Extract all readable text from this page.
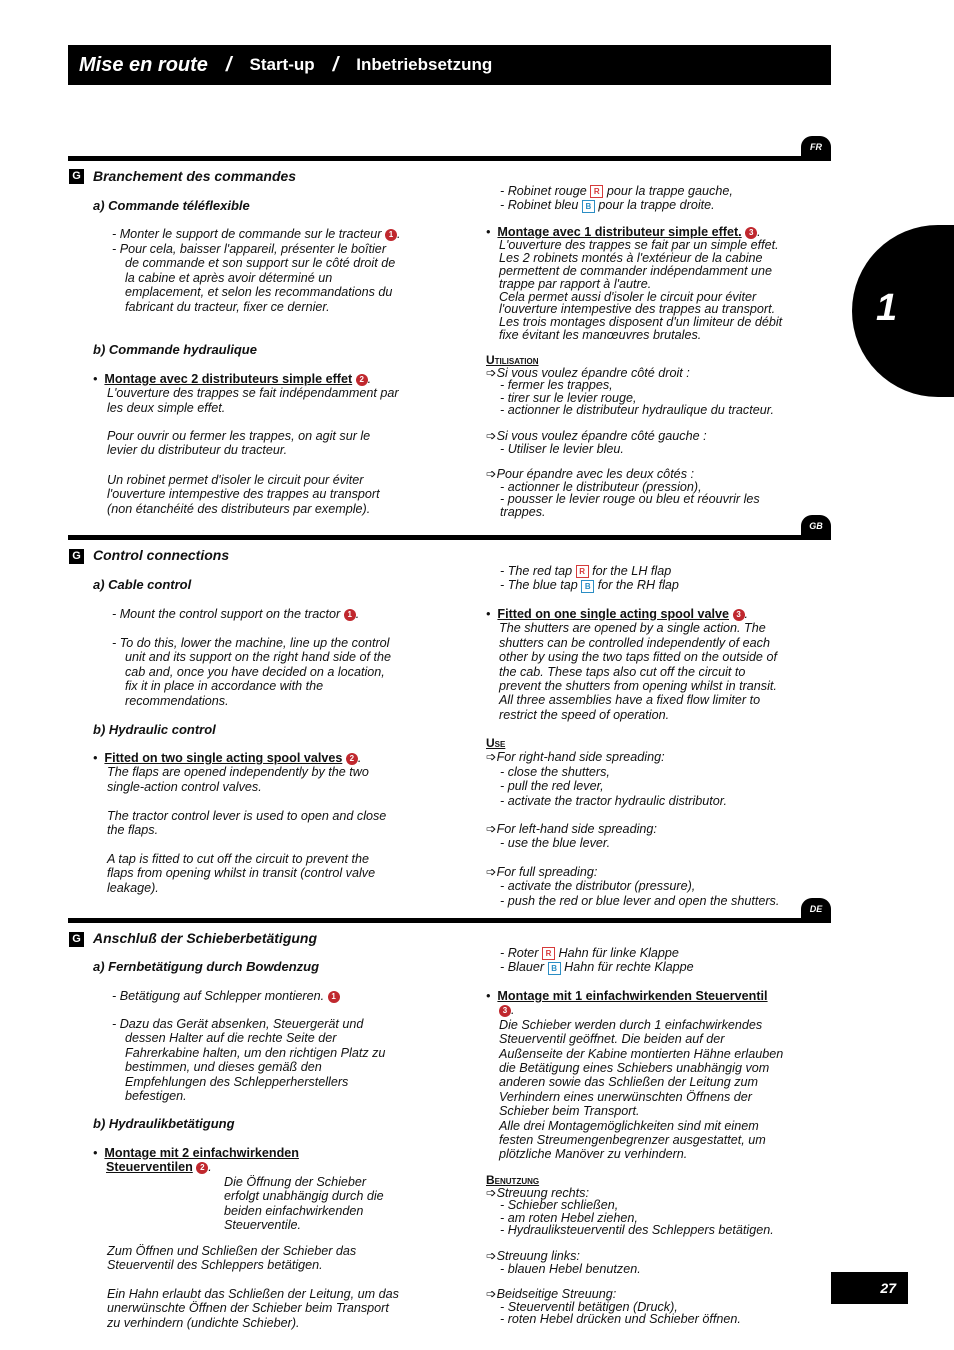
Mise en route / Start-up / Inbetriebsetzung
1
FR
G Branchement des commandes
a) Commande téléflexible
- Monter le support de commande sur le tracteur 1 .
- Pour cela, baisser l'appareil, présenter le boîtier
de commande et son support sur le côté droit de
la cabine et après avoir déterminé un
emplacement, et selon les recommandations du
fabricant du tracteur, fixer ce dernier.
b) Commande hydraulique
•  Montage avec 2 distributeurs simple effet 2 .
L'ouverture des trappes se fait indépendamment par
les deux simple effet.
Pour ouvrir ou fermer les trappes, on agit sur le
levier du distributeur du tracteur.
Un robinet permet d'isoler le circuit pour éviter
l'ouverture intempestive des trappes au transport
(non étanchéité des distributeurs par exemple).
- Robinet rouge R pour la trappe gauche,
- Robinet bleu B pour la trappe droite.
•  Montage avec 1 distributeur simple effet. 3 .
L'ouverture des trappes se fait par un simple effet.
Les 2 robinets montés à l'extérieur de la cabine
permettent de commander indépendamment une
trappe par rapport à l'autre.
Cela permet aussi d'isoler le circuit pour éviter
l'ouverture intempestive des trappes au transport.
Les trois montages disposent d'un limiteur de débit
fixe évitant les manœuvres brutales.
Utilisation
➩Si vous voulez épandre côté droit :
- fermer les trappes,
- tirer sur le levier rouge,
- actionner le distributeur hydraulique du tracteur.
➩Si vous voulez épandre côté gauche :
- Utiliser le levier bleu.
➩Pour épandre avec les deux côtés :
- actionner le distributeur (pression),
- pousser le levier rouge ou bleu et réouvrir les
trappes.
GB
G Control connections
a) Cable control
- Mount the control support on the tractor 1 .
- To do this, lower the machine, line up the control
unit and its support on the right hand side of the
cab and, once you have decided on a location,
fix it in place in accordance with the
recommendations.
b) Hydraulic control
•  Fitted on two single acting spool valves 2 .
The flaps are opened independently by the two
single-action control valves.
The tractor control lever is used to open and close
the flaps.
A tap is fitted to cut off the circuit to prevent the
flaps from opening whilst in transit (control valve
leakage).
- The red tap R for the LH flap
- The blue tap B for the RH flap
•  Fitted on one single acting spool valve 3 .
The shutters are opened by a single action. The
shutters can be controlled independently of each
other by using the two taps fitted on the outside of
the cab. These taps also cut off the circuit to
prevent the shutters from opening whilst in transit.
All three assemblies have a fixed flow limiter to
restrict the speed of operation.
Use
➩For right-hand side spreading:
- close the shutters,
- pull the red lever,
- activate the tractor hydraulic distributor.
➩For left-hand side spreading:
- use the blue lever.
➩For full spreading:
- activate the distributor (pressure),
- push the red or blue lever and open the shutters.
DE
G Anschluß der Schieberbetätigung
a) Fernbetätigung durch Bowdenzug
- Betätigung auf Schlepper montieren. 1
- Dazu das Gerät absenken, Steuergerät und
dessen Halter auf die rechte Seite der
Fahrerkabine halten, um den richtigen Platz zu
bestimmen, und dieses gemäß den
Empfehlungen des Schlepperherstellers
befestigen.
b) Hydraulikbetätigung
•  Montage mit 2 einfachwirkenden
Steuerventilen 2 .
Die Öffnung der Schieber
erfolgt unabhängig durch die
beiden einfachwirkenden
Steuerventile.
Zum Öffnen und Schließen der Schieber das
Steuerventil des Schleppers betätigen.
Ein Hahn erlaubt das Schließen der Leitung, um das
unerwünschte Öffnen der Schieber beim Transport
zu verhindern (undichte Schieber).
- Roter R Hahn für linke Klappe
- Blauer B Hahn für rechte Klappe
•  Montage mit 1 einfachwirkenden Steuerventil
3 .
Die Schieber werden durch 1 einfachwirkendes
Steuerventil geöffnet. Die beiden auf der
Außenseite der Kabine montierten Hähne erlauben
die Betätigung eines Schiebers unabhängig vom
anderen sowie das Schließen der Leitung zum
Verhindern eines unerwünschten Öffnens der
Schieber beim Transport.
Alle drei Montagemöglichkeiten sind mit einem
festen Streumengenbegrenzer ausgestattet, um
plötzliche Manöver zu verhindern.
Benutzung
➩Streuung rechts:
- Schieber schließen,
- am roten Hebel ziehen,
- Hydrauliksteuerventil des Schleppers betätigen.
➩Streuung links:
- blauen Hebel benutzen.
➩Beidseitige Streuung:
- Steuerventil betätigen (Druck),
- roten Hebel drücken und Schieber öffnen.
27
